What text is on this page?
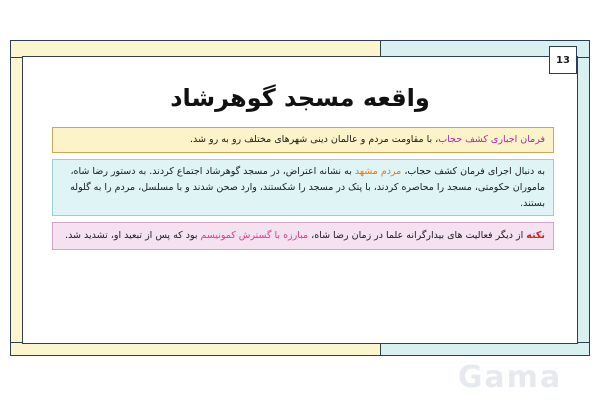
13
واقعه مسجد گوهرشاد
فرمان اجباری کشف حجاب، با مقاومت مردم و عالمان دینی شهرهای مختلف رو به رو شد.
به دنبال اجرای فرمان کشف حجاب، مردم مشهد به نشانه اعتراض، در مسجد گوهرشاد اجتماع کردند. به دستور رضا شاه، ماموران حکومتی، مسجد را محاصره کردند، با پتک در مسجد را شکستند، وارد صحن شدند و با مسلسل، مردم را به گلوله بستند.
نکته از دیگر فعالیت های بیدارگرانه علما در زمان رضا شاه، مبارزه با گسترش کمونیسم بود که پس از تبعید او، تشدید شد.
Gama
